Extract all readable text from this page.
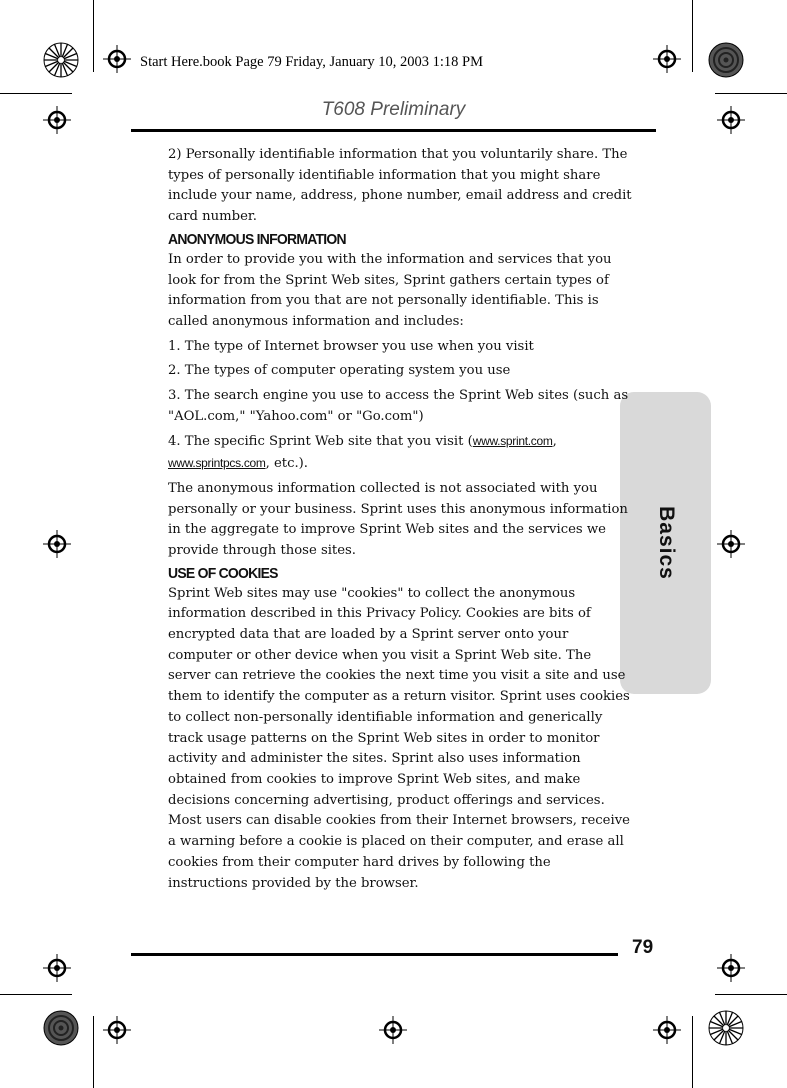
Start Here.book Page 79 Friday, January 10, 2003 1:18 PM
T608 Preliminary
Basics

2) Personally identifiable information that you voluntarily share. The types of personally identifiable information that you might share include your name, address, phone number, email address and credit card number.

ANONYMOUS INFORMATION

In order to provide you with the information and services that you look for from the Sprint Web sites, Sprint gathers certain types of information from you that are not personally identifiable. This is called anonymous information and includes:

1. The type of Internet browser you use when you visit

2. The types of computer operating system you use

3. The search engine you use to access the Sprint Web sites (such as "AOL.com," "Yahoo.com" or "Go.com")

4. The specific Sprint Web site that you visit (www.sprint.com,
www.sprintpcs.com, etc.).

The anonymous information collected is not associated with you personally or your business. Sprint uses this anonymous information in the aggregate to improve Sprint Web sites and the services we provide through those sites.

USE OF COOKIES

Sprint Web sites may use "cookies" to collect the anonymous information described in this Privacy Policy. Cookies are bits of encrypted data that are loaded by a Sprint server onto your computer or other device when you visit a Sprint Web site. The server can retrieve the cookies the next time you visit a site and use them to identify the computer as a return visitor. Sprint uses cookies to collect non-personally identifiable information and generically track usage patterns on the Sprint Web sites in order to monitor activity and administer the sites. Sprint also uses information obtained from cookies to improve Sprint Web sites, and make decisions concerning advertising, product offerings and services. Most users can disable cookies from their Internet browsers, receive a warning before a cookie is placed on their computer, and erase all cookies from their computer hard drives by following the instructions provided by the browser.

79
